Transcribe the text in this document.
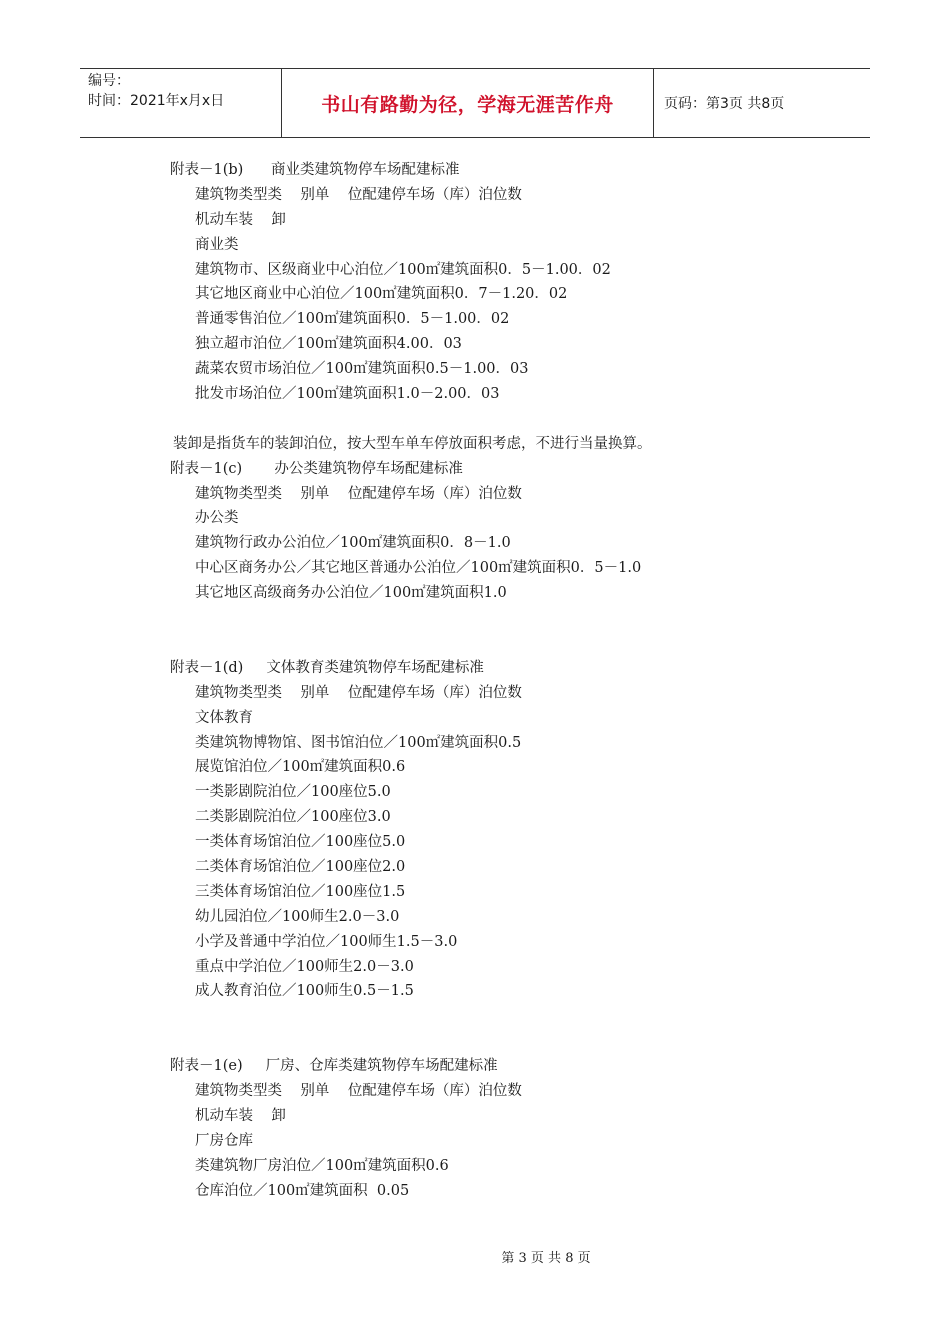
编号：
时间：2021年x月x日	书山有路勤为径，学海无涯苦作舟	页码：第3页 共8页
附表－1(b)      商业类建筑物停车场配建标准
建筑物类型类    别单    位配建停车场（库）泊位数
机动车装    卸
商业类
建筑物市、区级商业中心泊位／100㎡建筑面积0．5－1.00．02
其它地区商业中心泊位／100㎡建筑面积0．7－1.20．02
普通零售泊位／100㎡建筑面积0．5－1.00．02
独立超市泊位／100㎡建筑面积4.00．03
蔬菜农贸市场泊位／100㎡建筑面积0.5－1.00．03
批发市场泊位／100㎡建筑面积1.0－2.00．03
装卸是指货车的装卸泊位，按大型车单车停放面积考虑，不进行当量换算。
附表－1(c)       办公类建筑物停车场配建标准
建筑物类型类    别单    位配建停车场（库）泊位数
办公类
建筑物行政办公泊位／100㎡建筑面积0．8－1.0
中心区商务办公／其它地区普通办公泊位／100㎡建筑面积0．5－1.0
其它地区高级商务办公泊位／100㎡建筑面积1.0
附表－1(d)     文体教育类建筑物停车场配建标准
建筑物类型类    别单    位配建停车场（库）泊位数
文体教育
类建筑物博物馆、图书馆泊位／100㎡建筑面积0.5
展览馆泊位／100㎡建筑面积0.6
一类影剧院泊位／100座位5.0
二类影剧院泊位／100座位3.0
一类体育场馆泊位／100座位5.0
二类体育场馆泊位／100座位2.0
三类体育场馆泊位／100座位1.5
幼儿园泊位／100师生2.0－3.0
小学及普通中学泊位／100师生1.5－3.0
重点中学泊位／100师生2.0－3.0
成人教育泊位／100师生0.5－1.5
附表－1(e)     厂房、仓库类建筑物停车场配建标准
建筑物类型类    别单    位配建停车场（库）泊位数
机动车装    卸
厂房仓库
类建筑物厂房泊位／100㎡建筑面积0.6
仓库泊位／100㎡建筑面积  0.05
第 3 页 共 8 页
